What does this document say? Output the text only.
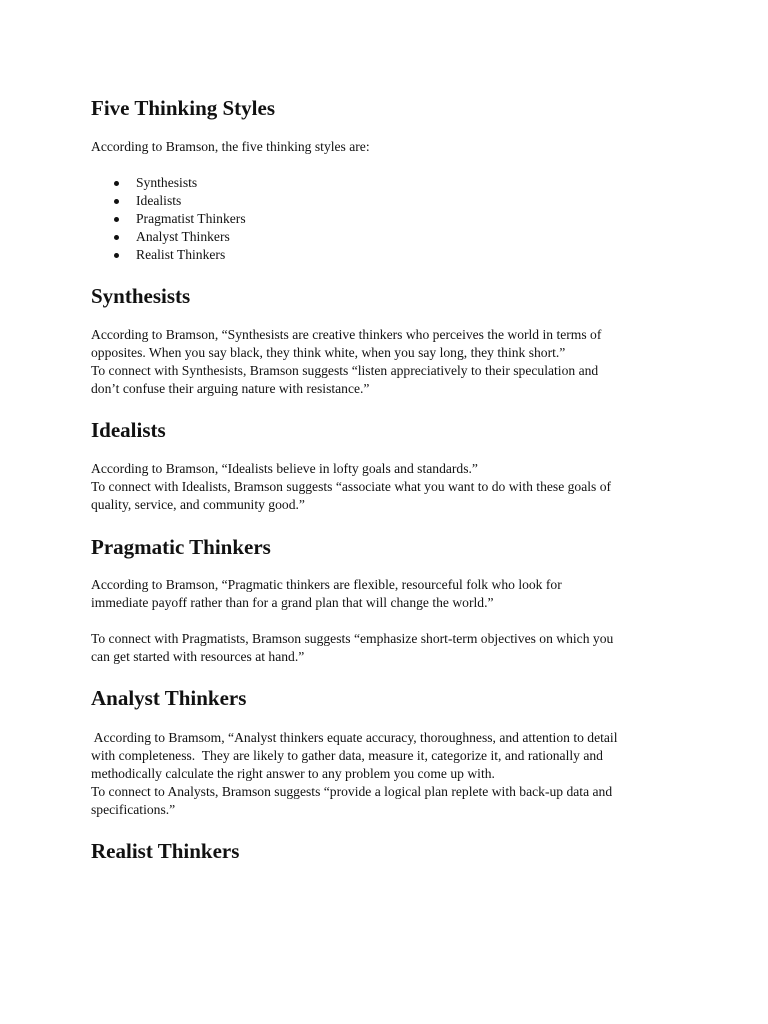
Five Thinking Styles

According to Bramson, the five thinking styles are:

Synthesists
Idealists
Pragmatist Thinkers
Analyst Thinkers
Realist Thinkers
Synthesists

According to Bramson, “Synthesists are creative thinkers who perceives the world in terms of
opposites. When you say black, they think white, when you say long, they think short.”
To connect with Synthesists, Bramson suggests “listen appreciatively to their speculation and
don’t confuse their arguing nature with resistance.”

Idealists

According to Bramson, “Idealists believe in lofty goals and standards.”
To connect with Idealists, Bramson suggests “associate what you want to do with these goals of
quality, service, and community good.”

Pragmatic Thinkers

According to Bramson, “Pragmatic thinkers are flexible, resourceful folk who look for
immediate payoff rather than for a grand plan that will change the world.”

To connect with Pragmatists, Bramson suggests “emphasize short-term objectives on which you
can get started with resources at hand.”

Analyst Thinkers

According to Bramsom, “Analyst thinkers equate accuracy, thoroughness, and attention to detail
with completeness.  They are likely to gather data, measure it, categorize it, and rationally and
methodically calculate the right answer to any problem you come up with.
To connect to Analysts, Bramson suggests “provide a logical plan replete with back-up data and
specifications.”

Realist Thinkers
